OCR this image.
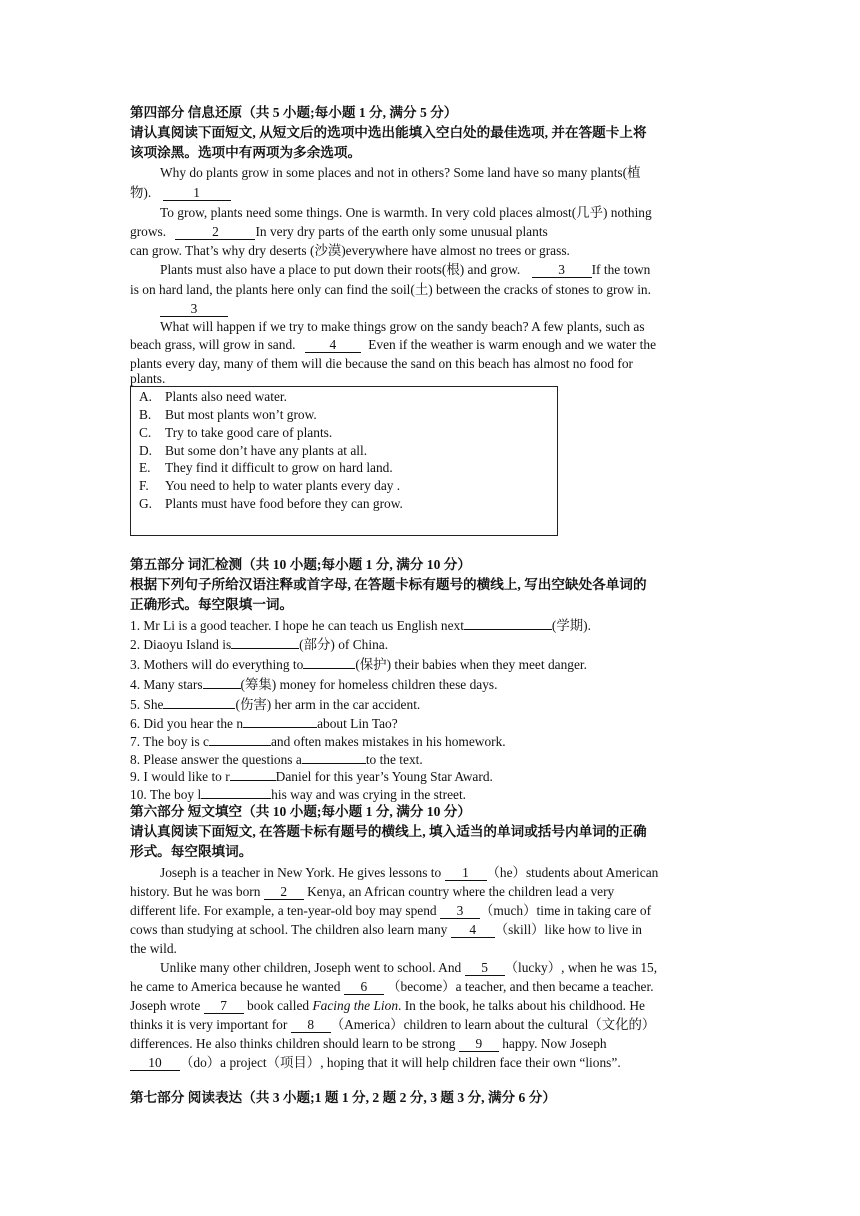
第四部分 信息还原（共 5 小题;每小题 1 分, 满分 5 分）
请认真阅读下面短文, 从短文后的选项中选出能填入空白处的最佳选项, 并在答题卡上将
该项涂黑。选项中有两项为多余选项。
Why do plants grow in some places and not in others? Some land have so many plants(植
物).	1
To grow, plants need some things. One is warmth. In very cold places almost(几乎) nothing
grows.	2	In very dry parts of the earth only some unusual plants
can grow. That’s why dry deserts (沙漠)everywhere have almost no trees or grass.
Plants must also have a place to put down their roots(根) and grow.	3 If the town
is on hard land, the plants here only can find the soil(土) between the cracks of stones to grow in.
3
What will happen if we try to make things grow on the sandy beach? A few plants, such as
beach grass, will grow in sand.	4 Even if the weather is warm enough and we water the
plants every day, many of them will die because the sand on this beach has almost no food for
plants.
A. Plants also need water.
B. But most plants won’t grow.
C. Try to take good care of plants.
D. But some don’t have any plants at all.
E. They find it difficult to grow on hard land.
F. You need to help to water plants every day .
G. Plants must have food before they can grow.
第五部分 词汇检测（共 10 小题;每小题 1 分, 满分 10 分）
根据下列句子所给汉语注释或首字母, 在答题卡标有题号的横线上, 写出空缺处各单词的
正确形式。每空限填一词。
1. Mr Li is a good teacher. I hope he can teach us English next	(学期).
2. Diaoyu Island is	(部分) of China.
3. Mothers will do everything to	(保护) their babies when they meet danger.
4. Many stars	(筹集) money for homeless children these days.
5. She	(伤害) her arm in the car accident.
6. Did you hear the n	about Lin Tao?
7. The boy is c	and often makes mistakes in his homework.
8. Please answer the questions a	to the text.
9. I would like to r	Daniel for this year’s Young Star Award.
10. The boy l	his way and was crying in the street.
第六部分 短文填空（共 10 小题;每小题 1 分, 满分 10 分）
请认真阅读下面短文, 在答题卡标有题号的横线上, 填入适当的单词或括号内单词的正确
形式。每空限填词。
Joseph is a teacher in New York. He gives lessons to 1 （he）students about American
history. But he was born 2 Kenya, an African country where the children lead a very
different life. For example, a ten-year-old boy may spend 3 （much）time in taking care of
cows than studying at school. The children also learn many 4 （skill）like how to live in
the wild.
Unlike many other children, Joseph went to school. And 5 （lucky）, when he was 15,
he came to America because he wanted 6 （become）a teacher, and then became a teacher.
Joseph wrote 7 book called Facing the Lion. In the book, he talks about his childhood. He
thinks it is very important for 8 （America）children to learn about the cultural（文化的）
differences. He also thinks children should learn to be strong 9 happy. Now Joseph
10 （do）a project（项目）, hoping that it will help children face their own “lions”.
第七部分 阅读表达（共 3 小题;1 题 1 分, 2 题 2 分, 3 题 3 分, 满分 6 分）
